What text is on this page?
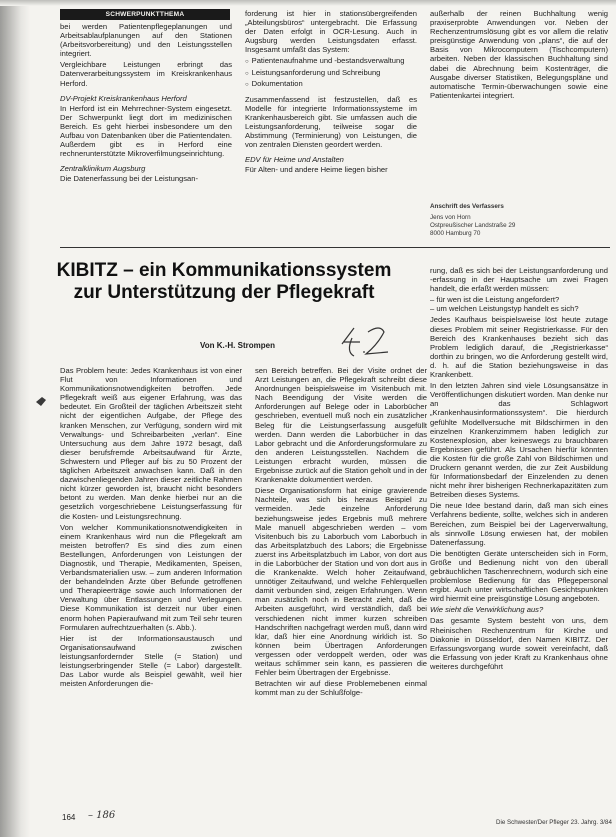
SCHWERPUNKTTHEMA

bei werden Patientenpflegeplanungen und Arbeitsablaufplanungen auf den Stationen (Arbeitsvorbereitung) und den Leistungsstellen integriert.

Vergleichbare Leistungen erbringt das Datenverarbeitungssystem im Kreiskrankenhaus Herford.

DV-Projekt Kreiskrankenhaus Herford

In Herford ist ein Mehrrechner-System eingesetzt. Der Schwerpunkt liegt dort im medizinischen Bereich. Es geht hierbei insbesondere um den Aufbau von Datenbanken über die Patientendaten. Außerdem gibt es in Herford eine rechnerunterstützte Mikroverfilmungseinrichtung.

Zentralklinikum Augsburg

Die Datenerfassung bei der Leistungsan-

forderung ist hier in stationsübergreifenden „Abteilungsbüros“ untergebracht. Die Erfassung der Daten erfolgt in OCR-Lesung. Auch in Augsburg werden Leistungsdaten erfasst. Insgesamt umfaßt das System:

○ Patientenaufnahme und -bestandsverwaltung
○ Leistungsanforderung und Schreibung
○ Dokumentation

Zusammenfassend ist festzustellen, daß es Modelle für integrierte Informationssysteme im Krankenhausbereich gibt. Sie umfassen auch die Leistungsanforderung, teilweise sogar die Abstimmung (Terminierung) von Leistungen, die von zentralen Diensten geordert werden.

EDV für Heime und Anstalten

Für Alten- und andere Heime liegen bisher

außerhalb der reinen Buchhaltung wenig praxiserprobte Anwendungen vor. Neben der Rechenzentrumslösung gibt es vor allem die relativ preisgünstige Anwendung von „plans“, die auf der Basis von Mikrocomputern (Tischcomputern) arbeiten. Neben der klassischen Buchhaltung sind dabei die Abrechnung beim Kostenträger, die Ausgabe diverser Statistiken, Belegungspläne und automatische Termin-überwachungen sowie eine Patientenkartei integriert.

Anschrift des Verfassers
Jens von Horn
Ostpreußischer Landstraße 29
8000 Hamburg 70
KIBITZ – ein Kommunikationssystem
zur Unterstützung der Pflegekraft
Von K.-H. Strompen

Das Problem heute: Jedes Krankenhaus ist von einer Flut von Informationen und Kommunikationsnotwendigkeiten betroffen. Jede Pflegekraft weiß aus eigener Erfahrung, was das bedeutet. Ein Großteil der täglichen Arbeitszeit steht nicht der eigentlichen Aufgabe, der Pflege des kranken Menschen, zur Verfügung, sondern wird mit Verwaltungs- und Schreibarbeiten „verlan“. Eine Untersuchung aus dem Jahre 1972 besagt, daß dieser berufsfremde Arbeitsaufwand für Ärzte, Schwestern und Pfleger auf bis zu 50 Prozent der täglichen Arbeitszeit anwachsen kann. Daß in den dazwischenliegenden Jahren dieser zeitliche Rahmen nicht kürzer geworden ist, braucht nicht besonders betont zu werden. Man denke hierbei nur an die gesetzlich vorgeschriebene Leistungserfassung für die Kosten- und Leistungsrechnung.

Von welcher Kommunikationsnotwendigkeiten in einem Krankenhaus wird nun die Pflegekraft am meisten betroffen? Es sind dies zum einen Bestellungen, Anforderungen von Leistungen der Diagnostik, und Therapie, Medikamenten, Speisen, Verbandsmaterialien usw. – zum anderen Information der behandelnden Ärzte über Befunde getroffenen und Therapieerträge sowie auch Informationen der Verwaltung über Entlassungen und Verlegungen. Diese Kommunikation ist derzeit nur über einen enorm hohen Papieraufwand mit zum Teil sehr teuren Formularen aufrechtzuerhalten (s. Abb.).

Hier ist der Informationsaustausch und Organisationsaufwand zwischen leistungsanfordernder Stelle (= Station) und leistungserbringender Stelle (= Labor) dargestellt. Das Labor wurde als Beispiel gewählt, weil hier meisten Anforderungen die-

sen Bereich betreffen. Bei der Visite ordnet der Arzt Leistungen an, die Pflegekraft schreibt diese Anordnungen beispielsweise im Visitenbuch mit. Nach Beendigung der Visite werden die Anforderungen auf Belege oder in Laborbücher geschrieben, eventuell muß noch ein zusätzlicher Beleg für die Leistungserfassung ausgefüllt werden. Dann werden die Laborbücher in das Labor gebracht und die Anforderungsformulare zu den anderen Leistungsstellen. Nachdem die Leistungen erbracht wurden, müssen die Ergebnisse zurück auf die Station geholt und in der Krankenakte dokumentiert werden.

Diese Organisationsform hat einige gravierende Nachteile, was sich bis heraus Beispiel zu vermeiden. Jede einzelne Anforderung beziehungsweise jedes Ergebnis muß mehrere Male manuell abgeschrieben werden – vom Visitenbuch bis zu Laborbuch vom Laborbuch in das Arbeitsplatzbuch des Labors; die Ergebnisse zuerst ins Arbeitsplatzbuch im Labor, von dort aus in die Laborbücher der Station und von dort aus in die Krankenakte. Welch hoher Zeitaufwand, unnötiger Zeitaufwand, und welche Fehlerquellen damit verbunden sind, zeigen Erfahrungen. Wenn man zusätzlich noch in Betracht zieht, daß die Arbeiten ausgeführt, wird verständlich, daß bei verschiedenen nicht immer kurzen schreiben Handschriften nachgefragt werden muß, dann wird klar, daß hier eine Anordnung wirklich ist. So können beim Übertragen Anforderungen vergessen oder verdoppelt werden, oder was weitaus schlimmer sein kann, es passieren die Fehler beim Übertragen der Ergebnisse.

Betrachten wir auf diese Problemebenen einmal kommt man zu der Schlußfolge-

rung, daß es sich bei der Leistungsanforderung und -erfassung in der Hauptsache um zwei Fragen handelt, die erfaßt werden müssen:

– für wen ist die Leistung angefordert?

– um welchen Leistungstyp handelt es sich?

Jedes Kaufhaus beispielsweise löst heute zutage dieses Problem mit seiner Registrierkasse. Für den Bereich des Krankenhauses bezieht sich das Problem lediglich darauf, die „Registrierkasse“ dorthin zu bringen, wo die Anforderung gestellt wird, d. h. auf die Station beziehungsweise in das Krankenbett.

In den letzten Jahren sind viele Lösungsansätze in Veröffentlichungen diskutiert worden. Man denke nur an das Schlagwort „Krankenhausinformationssystem“. Die hierdurch gefühlte Modellversuche mit Bildschirmen in den einzelnen Krankenzimmern haben lediglich zur Kostenexplosion, aber keineswegs zu brauchbaren Ergebnissen geführt. Als Ursachen hierfür könnten die Kosten für die große Zahl von Bildschirmen und Druckern genannt werden, die zur Zeit Ausbildung für Informationsbedarf der Einzelenden zu denen nicht mehr ihrer bisherigen Rechnerkapazitäten zum Betreiben dieses Systems.

Die neue Idee bestand darin, daß man sich eines Verfahrens bediente, sollte, welches sich in anderen Bereichen, zum Beispiel bei der Lagerverwaltung, als sinnvolle Lösung erwiesen hat, der mobilen Datenerfassung.

Die benötigten Geräte unterscheiden sich in Form, Größe und Bedienung nicht von den überall gebräuchlichen Taschenrechnern, wodurch sich eine problemlose Bedienung für das Pflegepersonal ergibt. Auch unter wirtschaftlichen Gesichtspunkten wird hiermit eine preisgünstige Lösung angeboten.

Wie sieht die Verwirklichung aus?

Das gesamte System besteht von uns, dem Rheinischen Rechenzentrum für Kirche und Diakonie in Düsseldorf, den Namen KIBITZ. Der Erfassungsvorgang wurde soweit vereinfacht, daß die Erfassung von jeder Kraft zu Krankenhaus ohne weiteres durchgeführt

164 – 186
Die Schwester/Der Pfleger 23. Jahrg. 3/84
